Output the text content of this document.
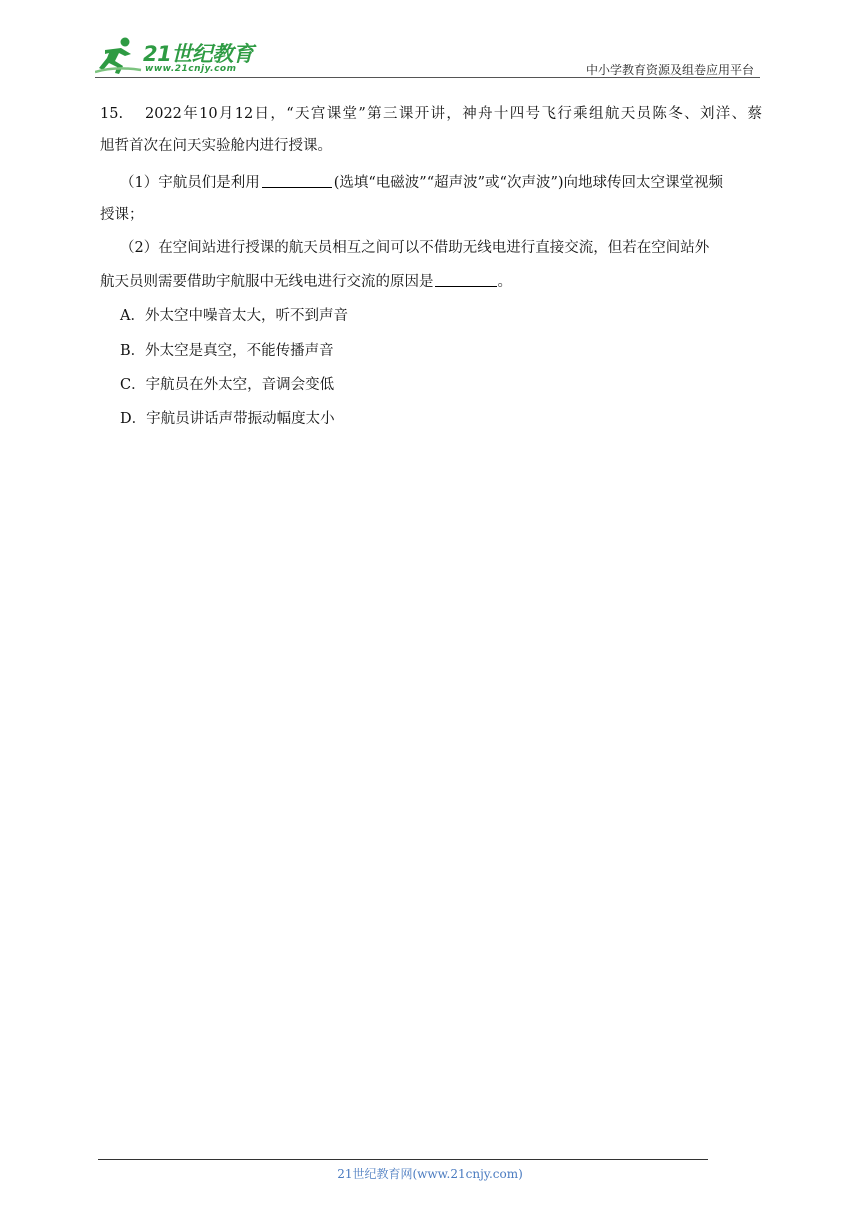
21世纪教育
www.21cnjy.com	中小学教育资源及组卷应用平台
15. 2022年10月12日，“天宫课堂”第三课开讲，神舟十四号飞行乘组航天员陈冬、刘洋、蔡
旭哲首次在问天实验舱内进行授课。
（1）宇航员们是利用	(选填“电磁波”“超声波”或“次声波”)向地球传回太空课堂视频
授课；
（2）在空间站进行授课的航天员相互之间可以不借助无线电进行直接交流，但若在空间站外
航天员则需要借助宇航服中无线电进行交流的原因是	。
A．外太空中噪音太大，听不到声音
B．外太空是真空，不能传播声音
C．宇航员在外太空，音调会变低
D．宇航员讲话声带振动幅度太小
21世纪教育网(www.21cnjy.com)
